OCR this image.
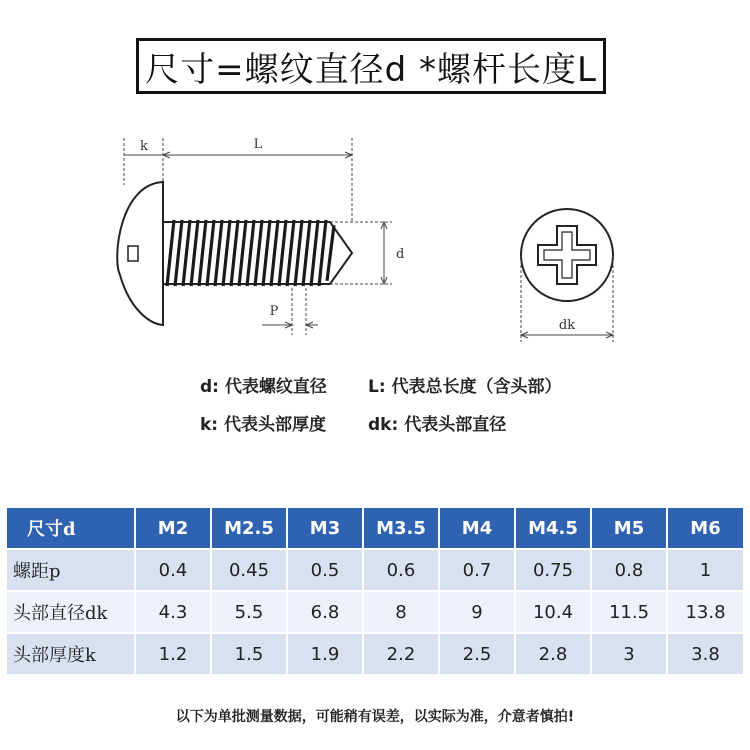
尺寸=螺纹直径d *螺杆长度L
k	L
d
P
dk
d: 代表螺纹直径 L: 代表总长度（含头部）
k: 代表头部厚度 dk: 代表头部直径
尺寸d	M2	M2.5	M3	M3.5	M4	M4.5	M5	M6
螺距p	0.4	0.45	0.5	0.6	0.7	0.75	0.8	1
头部直径dk	4.3	5.5	6.8	8	9	10.4	11.5	13.8
头部厚度k	1.2	1.5	1.9	2.2	2.5	2.8	3	3.8
以下为单批测量数据，可能稍有误差，以实际为准，介意者慎拍!
